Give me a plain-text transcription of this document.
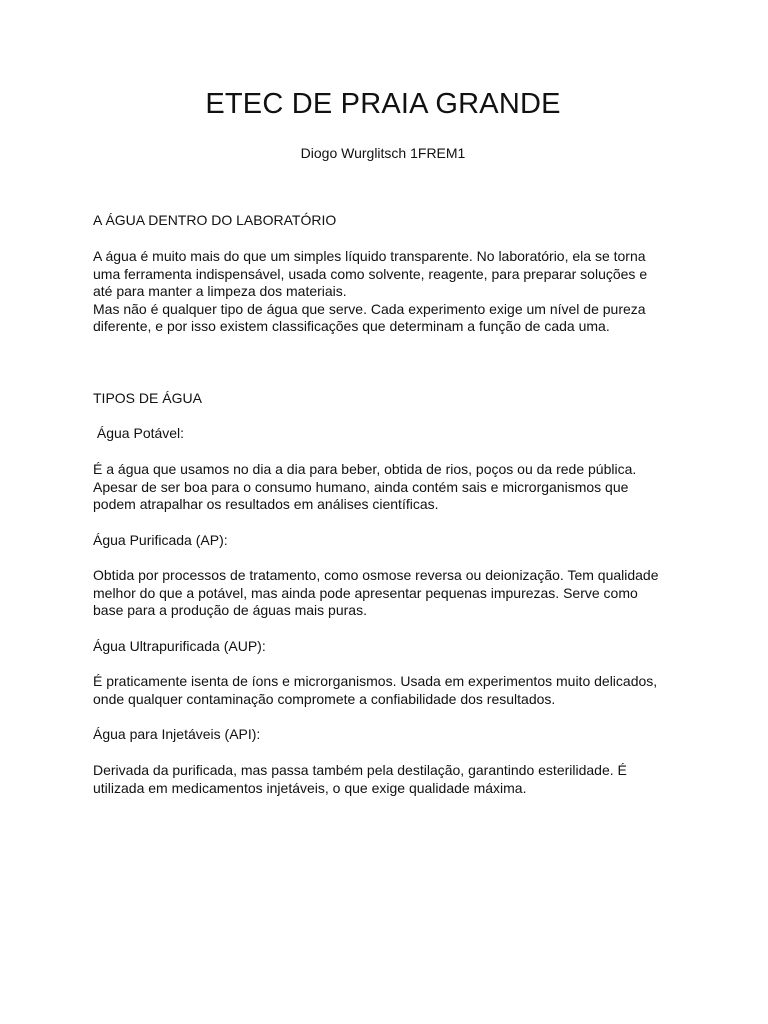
ETEC DE PRAIA GRANDE

Diogo Wurglitsch 1FREM1

A ÁGUA DENTRO DO LABORATÓRIO

A água é muito mais do que um simples líquido transparente. No laboratório, ela se torna
uma ferramenta indispensável, usada como solvente, reagente, para preparar soluções e
até para manter a limpeza dos materiais.
Mas não é qualquer tipo de água que serve. Cada experimento exige um nível de pureza
diferente, e por isso existem classificações que determinam a função de cada uma.

TIPOS DE ÁGUA

Água Potável:

É a água que usamos no dia a dia para beber, obtida de rios, poços ou da rede pública.
Apesar de ser boa para o consumo humano, ainda contém sais e microrganismos que
podem atrapalhar os resultados em análises científicas.

Água Purificada (AP):

Obtida por processos de tratamento, como osmose reversa ou deionização. Tem qualidade
melhor do que a potável, mas ainda pode apresentar pequenas impurezas. Serve como
base para a produção de águas mais puras.

Água Ultrapurificada (AUP):

É praticamente isenta de íons e microrganismos. Usada em experimentos muito delicados,
onde qualquer contaminação compromete a confiabilidade dos resultados.

Água para Injetáveis (API):

Derivada da purificada, mas passa também pela destilação, garantindo esterilidade. É
utilizada em medicamentos injetáveis, o que exige qualidade máxima.
